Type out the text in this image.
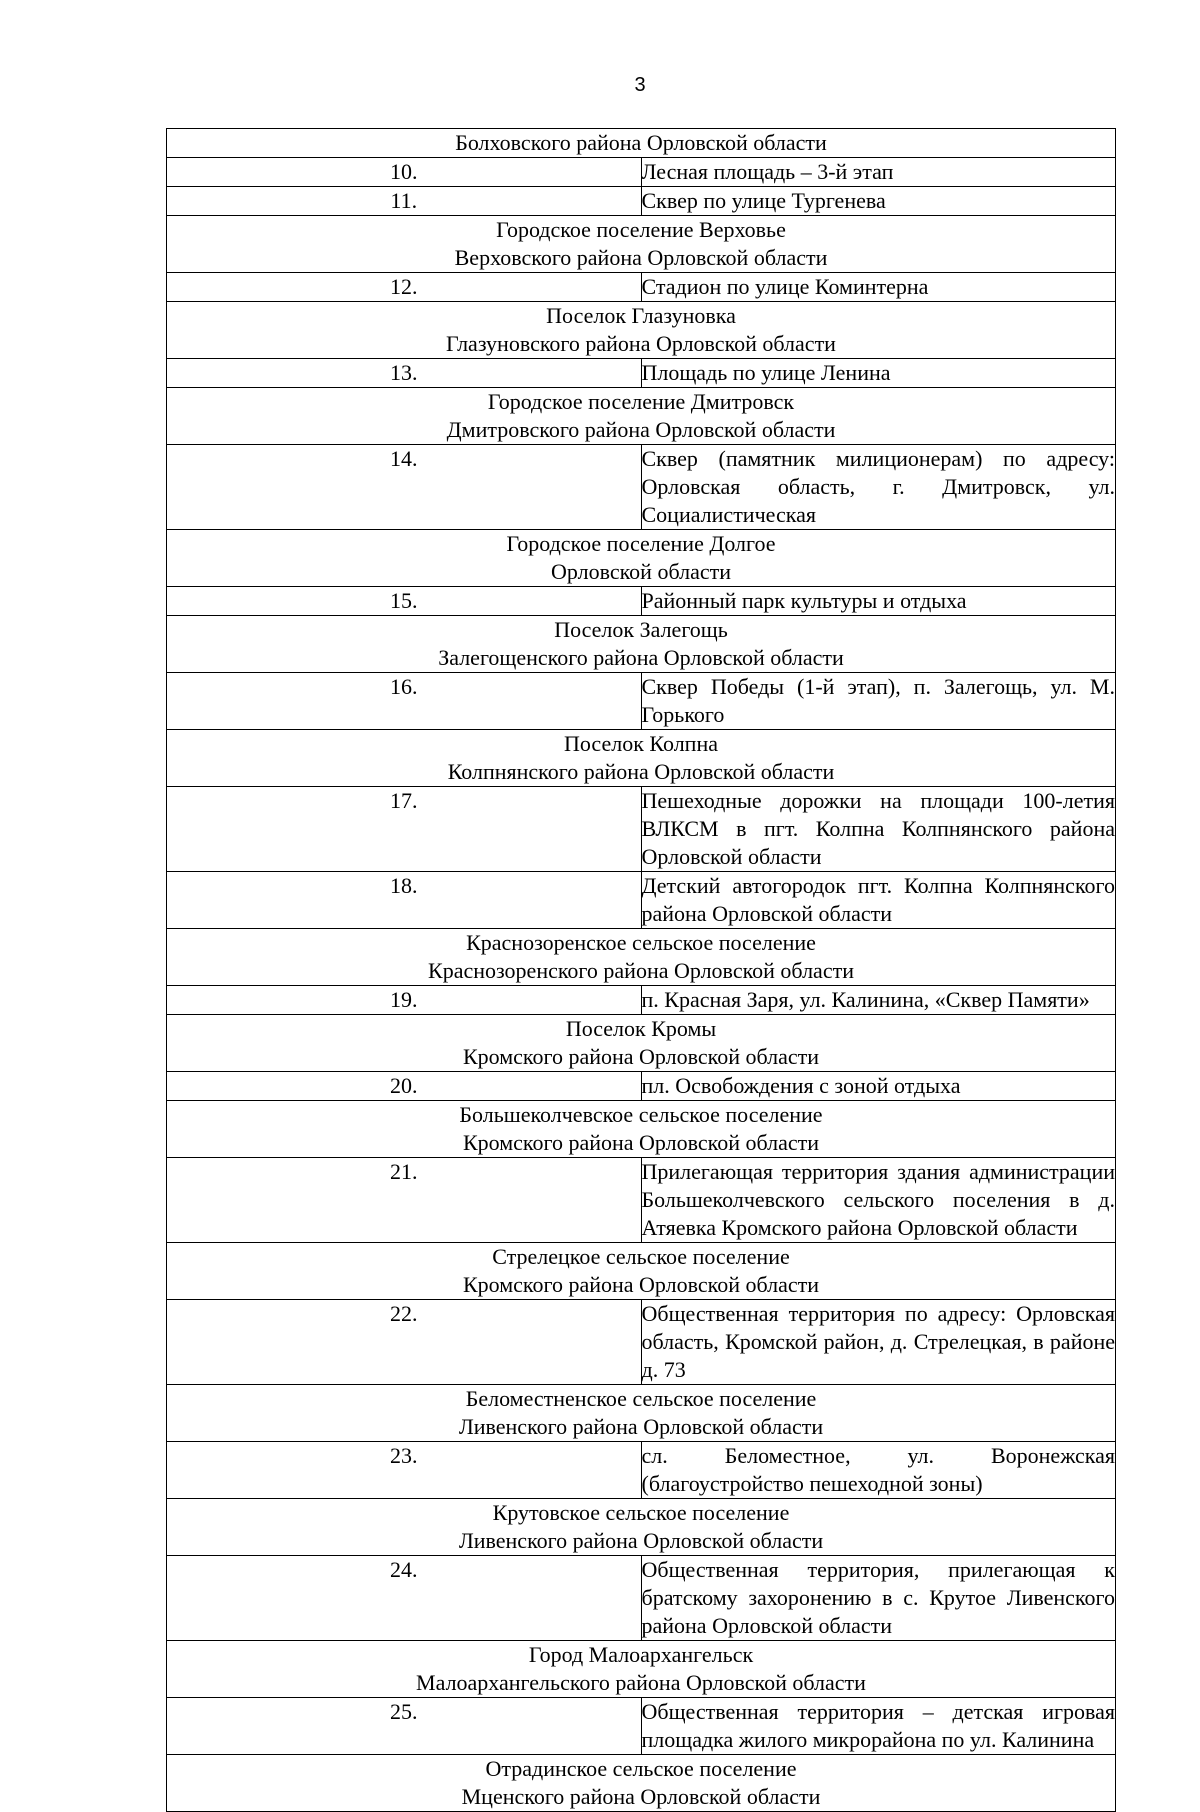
3
Болховского района Орловской области	

10.	Лесная площадь – 3-й этап
11.	Сквер по улице Тургенева

Городское поселение Верховье
Верховского района Орловской области	

12.	Стадион по улице Коминтерна

Поселок Глазуновка
Глазуновского района Орловской области	

13.	Площадь по улице Ленина

Городское поселение Дмитровск
Дмитровского района Орловской области	

14.	Сквер (памятник милиционерам) по адресу: Орловская область, г. Дмитровск, ул. Социалистическая

Городское поселение Долгое
Орловской области	

15.	Районный парк культуры и отдыха

Поселок Залегощь
Залегощенского района Орловской области	

16.	Сквер Победы (1-й этап), п. Залегощь, ул. М. Горького

Поселок Колпна
Колпнянского района Орловской области	

17.	Пешеходные дорожки на площади 100-летия ВЛКСМ в пгт. Колпна Колпнянского района Орловской области
18.	Детский автогородок пгт. Колпна Колпнянского района Орловской области

Краснозоренское сельское поселение
Краснозоренского района Орловской области	

19.	п. Красная Заря, ул. Калинина, «Сквер Памяти»

Поселок Кромы
Кромского района Орловской области	

20.	пл. Освобождения с зоной отдыха

Большеколчевское сельское поселение
Кромского района Орловской области	

21.	Прилегающая территория здания администрации Большеколчевского сельского поселения в д. Атяевка Кромского района Орловской области

Стрелецкое сельское поселение
Кромского района Орловской области	

22.	Общественная территория по адресу: Орловская область, Кромской район, д. Стрелецкая, в районе д. 73

Беломестненское сельское поселение
Ливенского района Орловской области	

23.	сл. Беломестное, ул. Воронежская (благоустройство пешеходной зоны)

Крутовское сельское поселение
Ливенского района Орловской области	

24.	Общественная территория, прилегающая к братскому захоронению в с. Крутое Ливенского района Орловской области

Город Малоархангельск
Малоархангельского района Орловской области	

25.	Общественная территория – детская игровая площадка жилого микрорайона по ул. Калинина

Отрадинское сельское поселение
Мценского района Орловской области	
